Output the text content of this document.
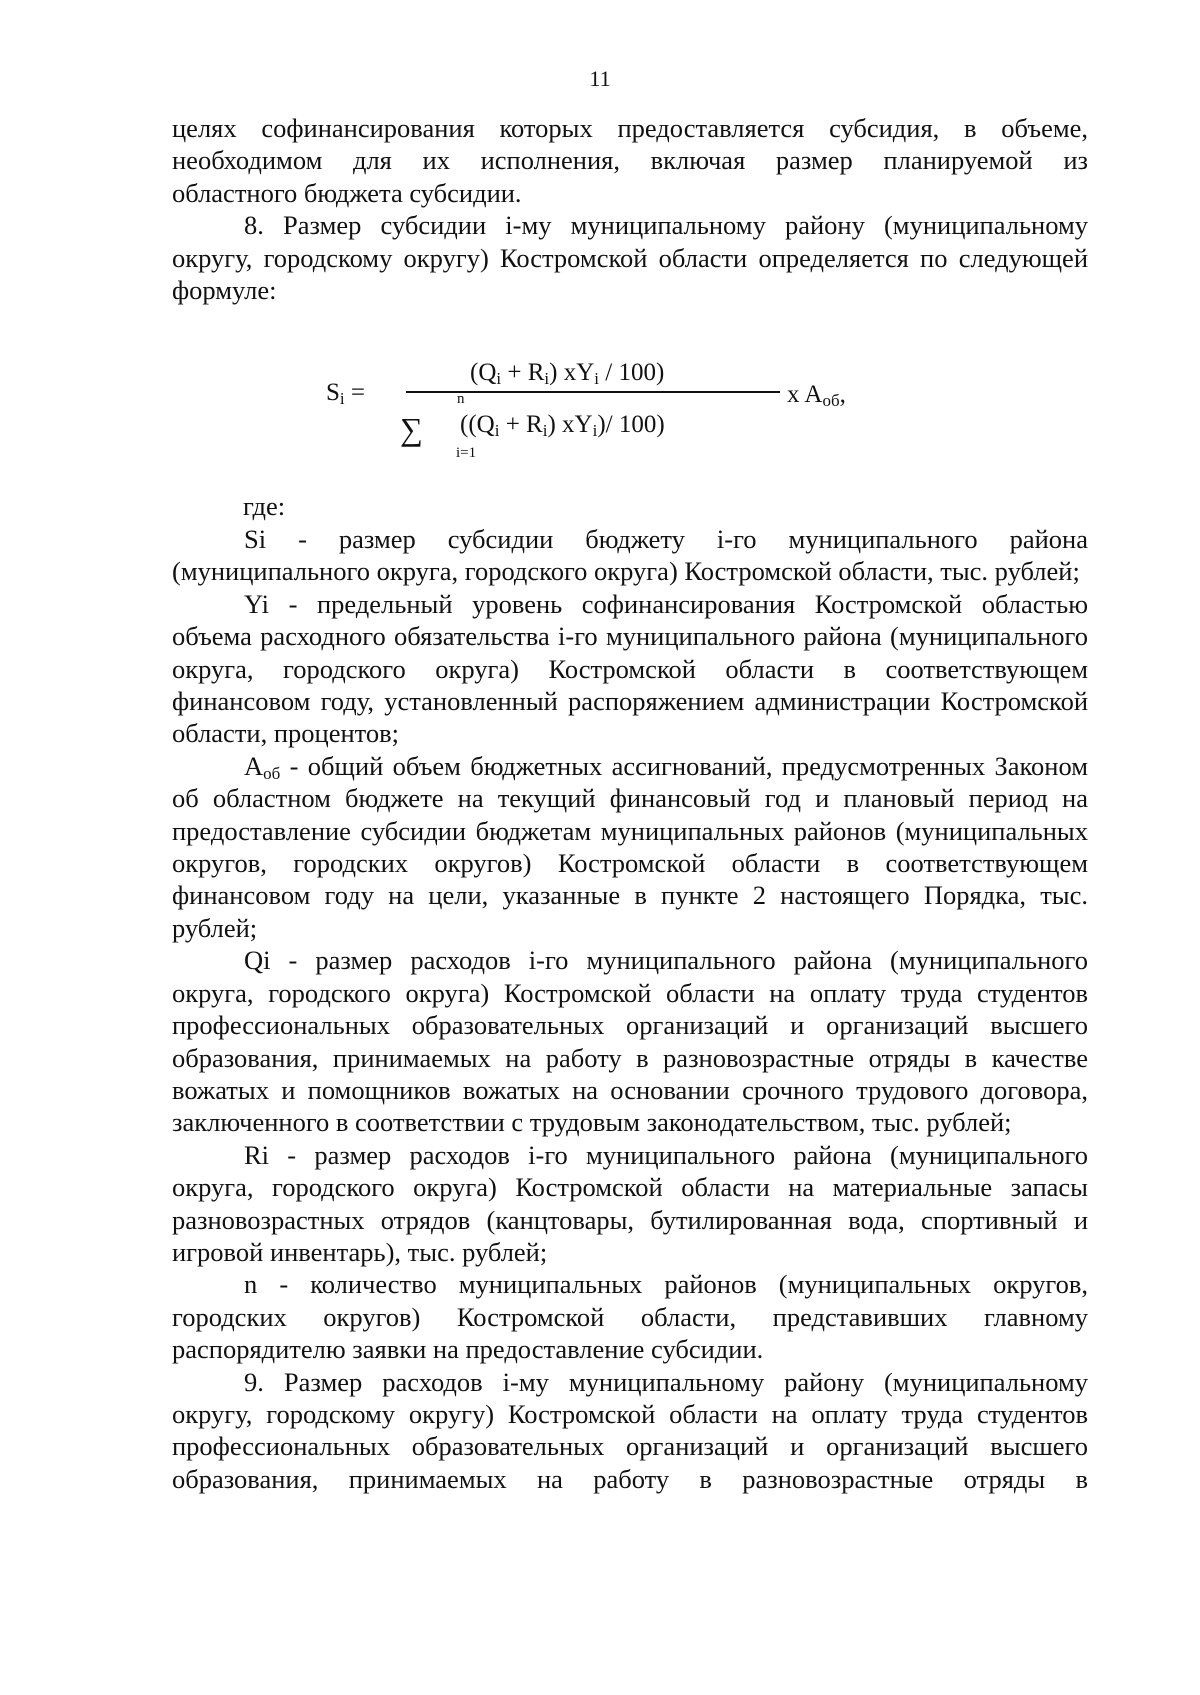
11

целях софинансирования которых предоставляется субсидия, в объеме,

необходимом для их исполнения, включая размер планируемой из

областного бюджета субсидии.

8. Размер субсидии i-му муниципальному району (муниципальному округу, городскому округу) Костромской области определяется по следующей формуле:

Si =
(Qi + Ri) xYi / 100)
n
∑ ((Qi + Ri) xYi)/ 100)
i=1
x Aоб,
где:

Si - размер субсидии бюджету i-го муниципального района (муниципального округа, городского округа) Костромской области, тыс. рублей;

Yi - предельный уровень софинансирования Костромской областью объема расходного обязательства i-го муниципального района (муниципального округа, городского округа) Костромской области в соответствующем финансовом году, установленный распоряжением администрации Костромской области, процентов;

Аоб - общий объем бюджетных ассигнований, предусмотренных Законом об областном бюджете на текущий финансовый год и плановый период на предоставление субсидии бюджетам муниципальных районов (муниципальных округов, городских округов) Костромской области в соответствующем финансовом году на цели, указанные в пункте 2 настоящего Порядка, тыс. рублей;

Qi - размер расходов i-го муниципального района (муниципального округа, городского округа) Костромской области на оплату труда студентов профессиональных образовательных организаций и организаций высшего образования, принимаемых на работу в разновозрастные отряды в качестве вожатых и помощников вожатых на основании срочного трудового договора, заключенного в соответствии с трудовым законодательством, тыс. рублей;

Ri - размер расходов i-го муниципального района (муниципального округа, городского округа) Костромской области на материальные запасы разновозрастных отрядов (канцтовары, бутилированная вода, спортивный и игровой инвентарь), тыс. рублей;

n - количество муниципальных районов (муниципальных округов, городских округов) Костромской области, представивших главному распорядителю заявки на предоставление субсидии.

9. Размер расходов i-му муниципальному району (муниципальному округу, городскому округу) Костромской области на оплату труда студентов профессиональных образовательных организаций и организаций высшего образования, принимаемых на работу в разновозрастные отряды в
